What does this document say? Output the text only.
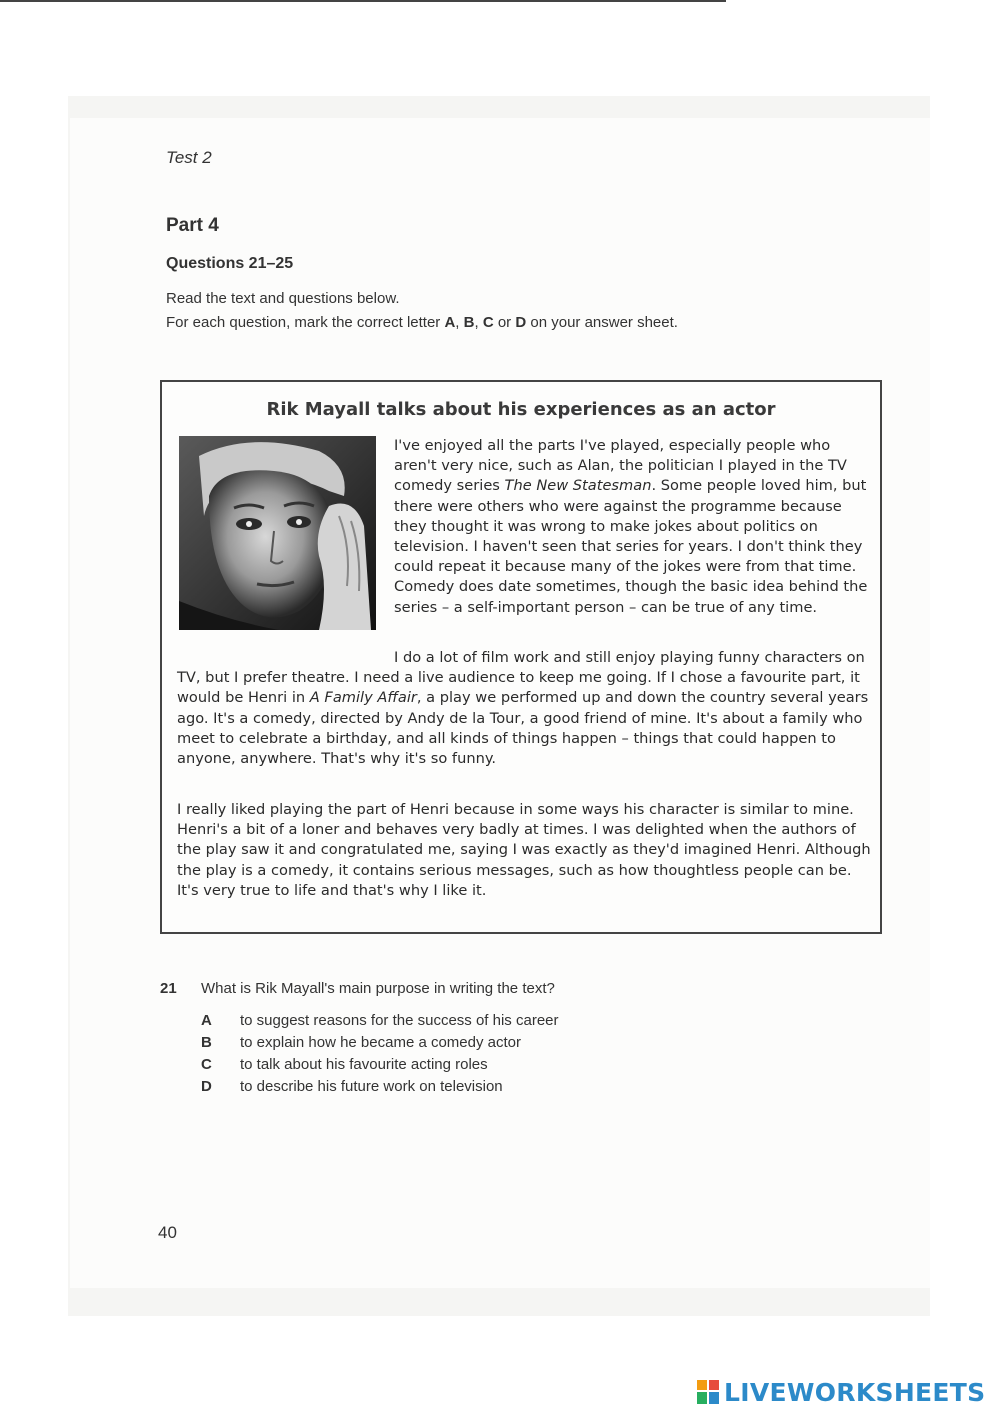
Test 2
Part 4
Questions 21–25
Read the text and questions below.
For each question, mark the correct letter A, B, C or D on your answer sheet.
Rik Mayall talks about his experiences as an actor
I've enjoyed all the parts I've played, especially people who aren't very nice, such as Alan, the politician I played in the TV comedy series The New Statesman. Some people loved him, but there were others who were against the programme because they thought it was wrong to make jokes about politics on television. I haven't seen that series for years. I don't think they could repeat it because many of the jokes were from that time. Comedy does date sometimes, though the basic idea behind the series – a self-important person – can be true of any time.
I do a lot of film work and still enjoy playing funny characters on TV, but I prefer theatre. I need a live audience to keep me going. If I chose a favourite part, it would be Henri in A Family Affair, a play we performed up and down the country several years ago. It's a comedy, directed by Andy de la Tour, a good friend of mine. It's about a family who meet to celebrate a birthday, and all kinds of things happen – things that could happen to anyone, anywhere. That's why it's so funny.
I really liked playing the part of Henri because in some ways his character is similar to mine. Henri's a bit of a loner and behaves very badly at times. I was delighted when the authors of the play saw it and congratulated me, saying I was exactly as they'd imagined Henri. Although the play is a comedy, it contains serious messages, such as how thoughtless people can be. It's very true to life and that's why I like it.
21 What is Rik Mayall's main purpose in writing the text?
A to suggest reasons for the success of his career
B to explain how he became a comedy actor
C to talk about his favourite acting roles
D to describe his future work on television
40
LIVEWORKSHEETS
